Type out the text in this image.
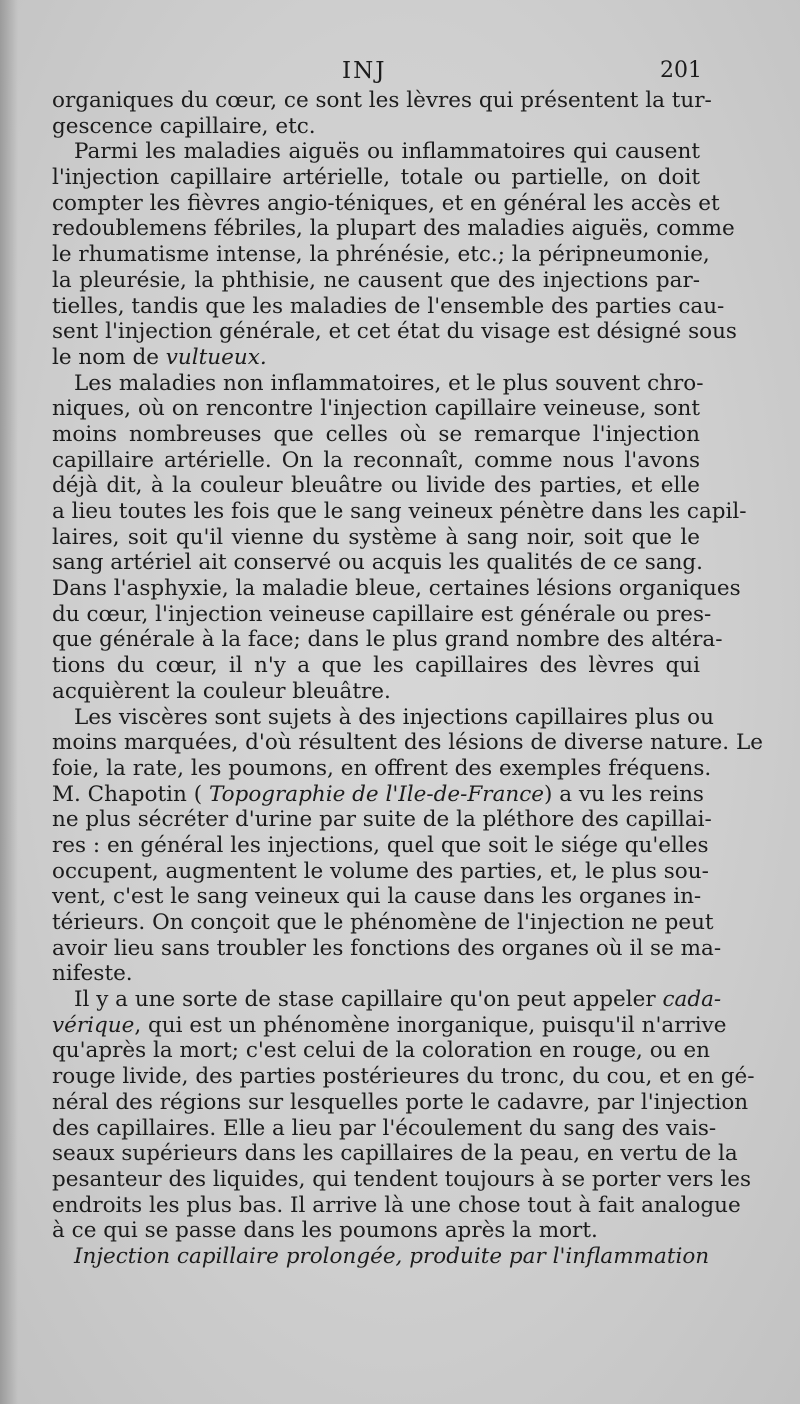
INJ	201
organiques du cœur, ce sont les lèvres qui présentent la tur-
gescence capillaire, etc.
Parmi les maladies aiguës ou inflammatoires qui causent
l'injection capillaire artérielle, totale ou partielle, on doit
compter les fièvres angio-téniques, et en général les accès et
redoublemens fébriles, la plupart des maladies aiguës, comme
le rhumatisme intense, la phrénésie, etc.; la péripneumonie,
la pleurésie, la phthisie, ne causent que des injections par-
tielles, tandis que les maladies de l'ensemble des parties cau-
sent l'injection générale, et cet état du visage est désigné sous
le nom de vultueux.
Les maladies non inflammatoires, et le plus souvent chro-
niques, où on rencontre l'injection capillaire veineuse, sont
moins nombreuses que celles où se remarque l'injection
capillaire artérielle. On la reconnaît, comme nous l'avons
déjà dit, à la couleur bleuâtre ou livide des parties, et elle
a lieu toutes les fois que le sang veineux pénètre dans les capil-
laires, soit qu'il vienne du système à sang noir, soit que le
sang artériel ait conservé ou acquis les qualités de ce sang.
Dans l'asphyxie, la maladie bleue, certaines lésions organiques
du cœur, l'injection veineuse capillaire est générale ou pres-
que générale à la face; dans le plus grand nombre des altéra-
tions du cœur, il n'y a que les capillaires des lèvres qui
acquièrent la couleur bleuâtre.
Les viscères sont sujets à des injections capillaires plus ou
moins marquées, d'où résultent des lésions de diverse nature. Le
foie, la rate, les poumons, en offrent des exemples fréquens.
M. Chapotin ( Topographie de l'Ile-de-France) a vu les reins
ne plus sécréter d'urine par suite de la pléthore des capillai-
res : en général les injections, quel que soit le siége qu'elles
occupent, augmentent le volume des parties, et, le plus sou-
vent, c'est le sang veineux qui la cause dans les organes in-
térieurs. On conçoit que le phénomène de l'injection ne peut
avoir lieu sans troubler les fonctions des organes où il se ma-
nifeste.
Il y a une sorte de stase capillaire qu'on peut appeler cada-
vérique, qui est un phénomène inorganique, puisqu'il n'arrive
qu'après la mort; c'est celui de la coloration en rouge, ou en
rouge livide, des parties postérieures du tronc, du cou, et en gé-
néral des régions sur lesquelles porte le cadavre, par l'injection
des capillaires. Elle a lieu par l'écoulement du sang des vais-
seaux supérieurs dans les capillaires de la peau, en vertu de la
pesanteur des liquides, qui tendent toujours à se porter vers les
endroits les plus bas. Il arrive là une chose tout à fait analogue
à ce qui se passe dans les poumons après la mort.
Injection capillaire prolongée, produite par l'inflammation
